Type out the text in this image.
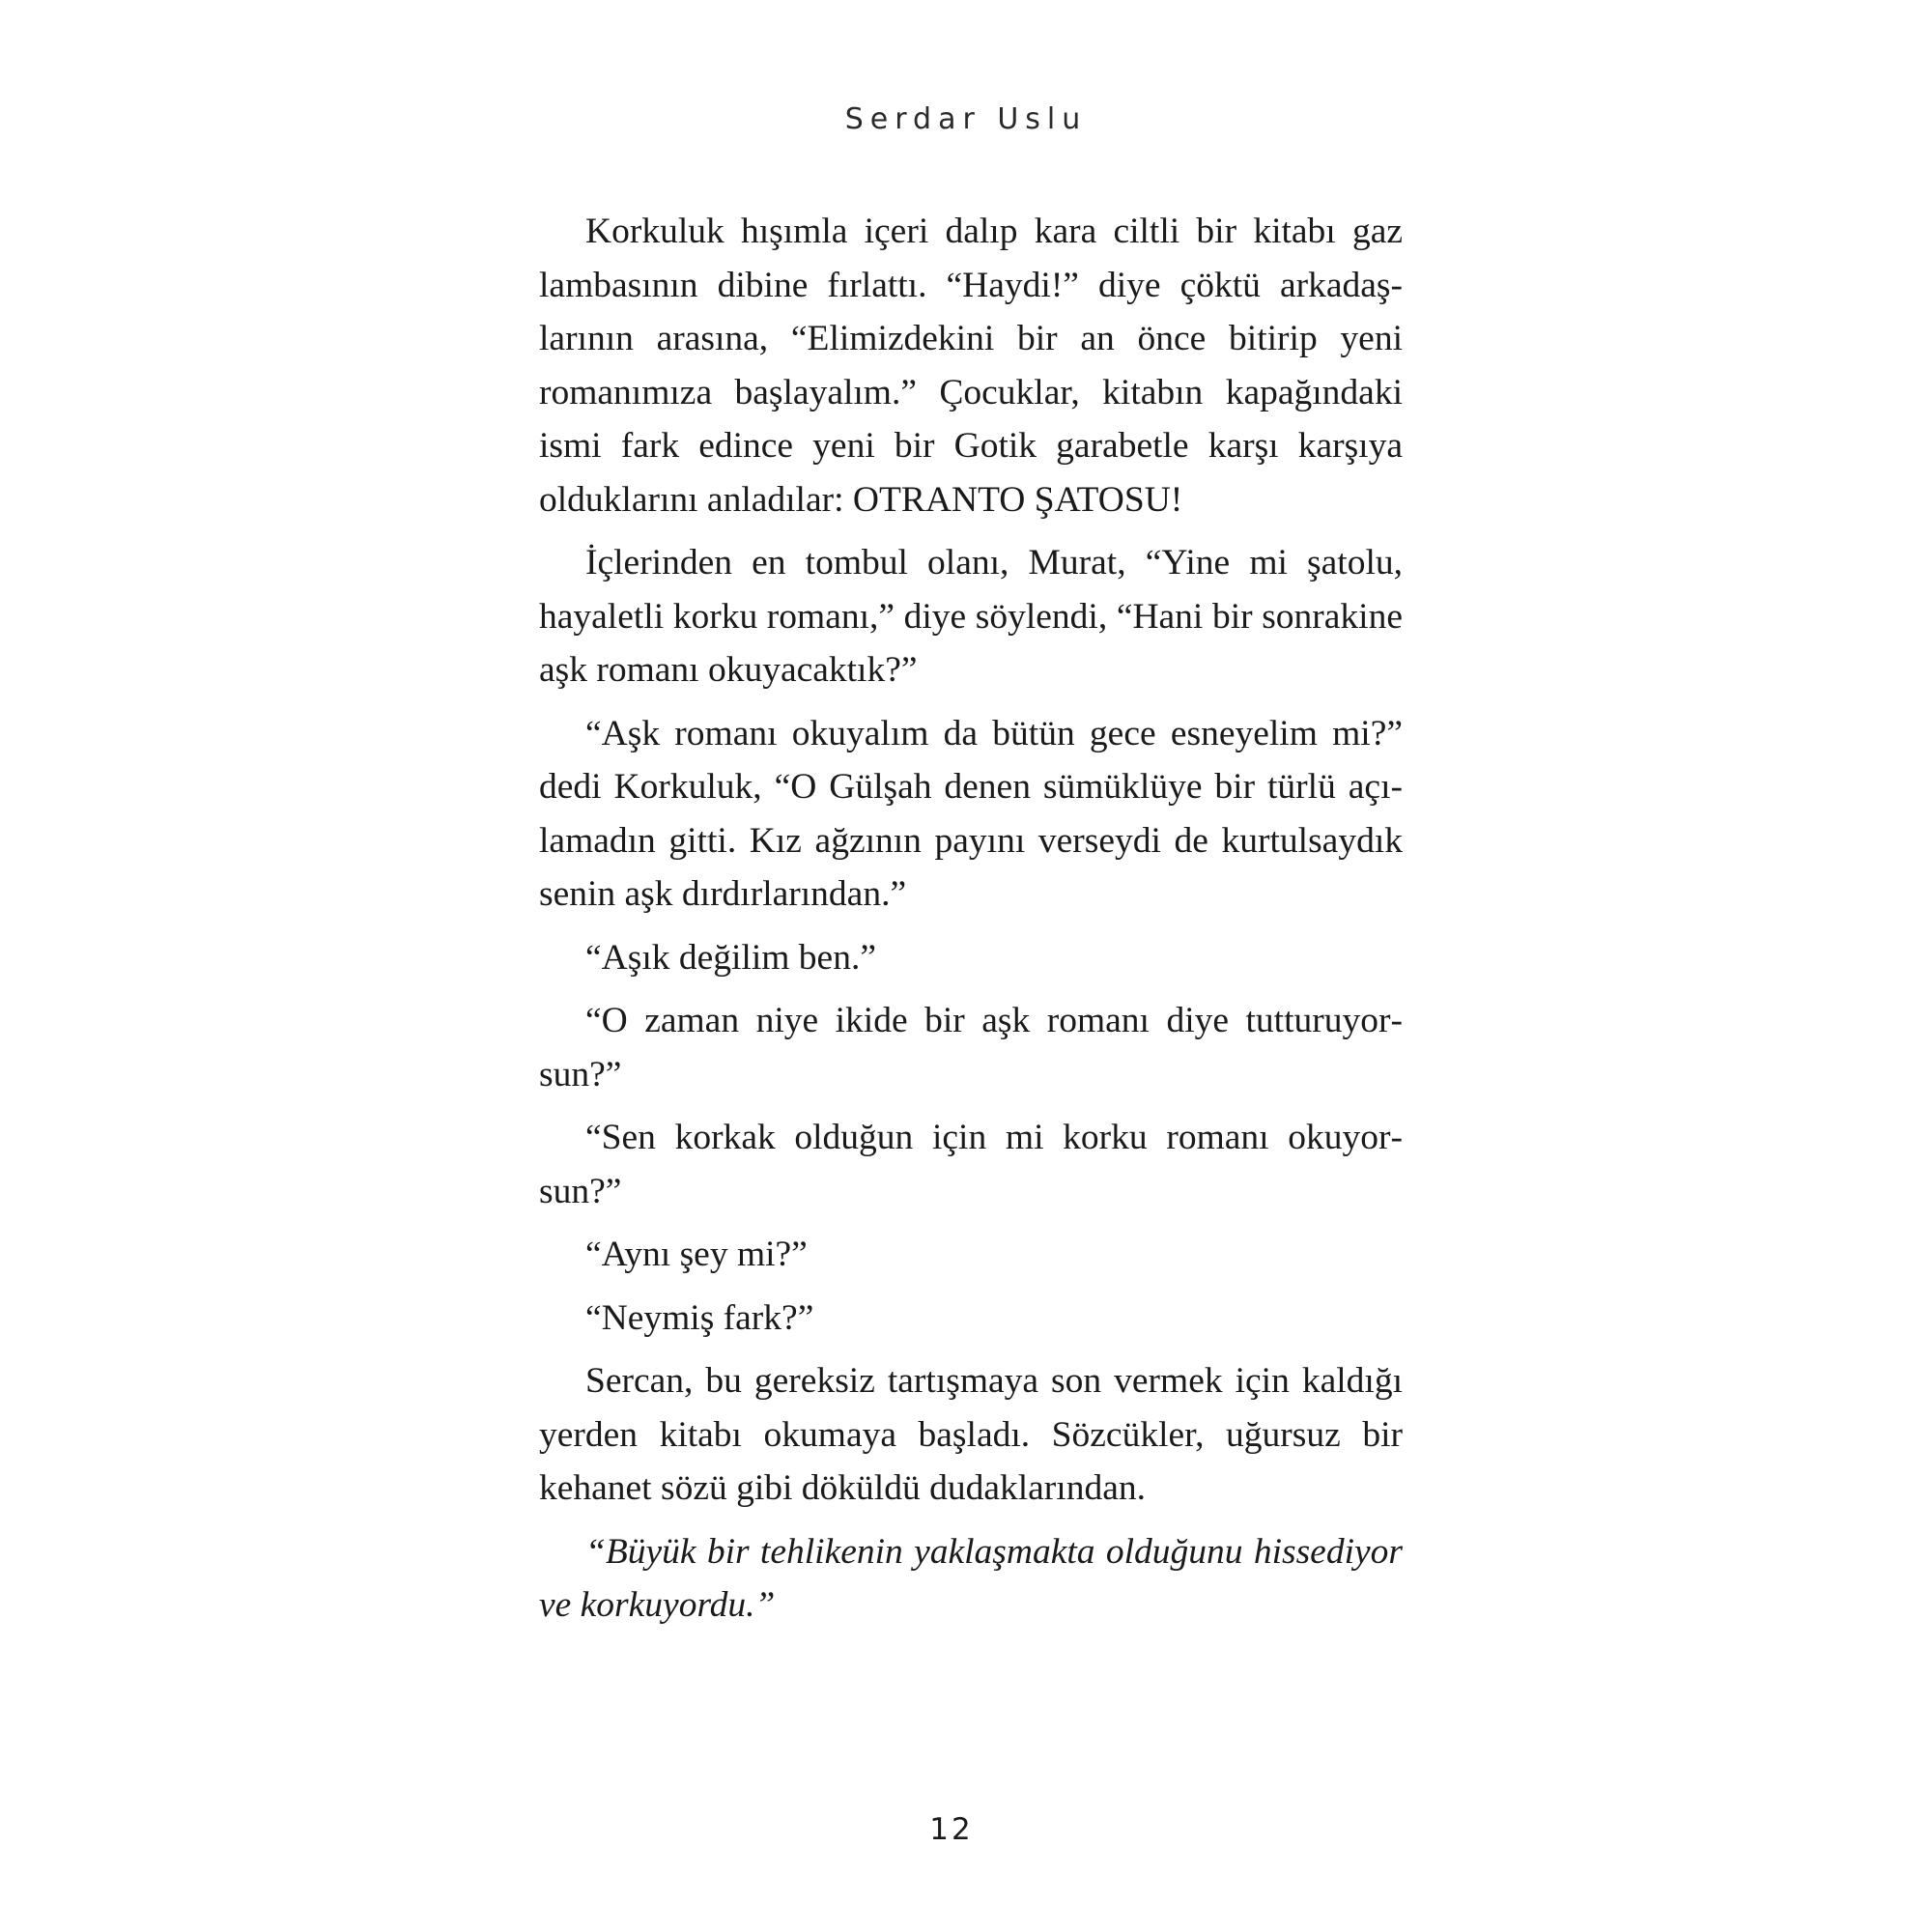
Serdar Uslu

Korkuluk hışımla içeri dalıp kara ciltli bir kitabı gaz lambasının dibine fırlattı. “Haydi!” diye çöktü arkadaşlarının arasına, “Elimizdekini bir an önce bitirip yeni romanımıza başlayalım.” Çocuklar, kitabın kapağındaki ismi fark edince yeni bir Gotik garabetle karşı karşıya olduklarını anladılar: OTRANTO ŞATOSU!

İçlerinden en tombul olanı, Murat, “Yine mi şatolu, hayaletli korku romanı,” diye söylendi, “Hani bir sonrakine aşk romanı okuyacaktık?”

“Aşk romanı okuyalım da bütün gece esneyelim mi?” dedi Korkuluk, “O Gülşah denen sümüklüye bir türlü açılamadın gitti. Kız ağzının payını verseydi de kurtulsaydık senin aşk dırdırlarından.”

“Aşık değilim ben.”

“O zaman niye ikide bir aşk romanı diye tutturuyorsun?”

“Sen korkak olduğun için mi korku romanı okuyorsun?”

“Aynı şey mi?”

“Neymiş fark?”

Sercan, bu gereksiz tartışmaya son vermek için kaldığı yerden kitabı okumaya başladı. Sözcükler, uğursuz bir kehanet sözü gibi döküldü dudaklarından.

“Büyük bir tehlikenin yaklaşmakta olduğunu hissediyor ve korkuyordu.”

12
